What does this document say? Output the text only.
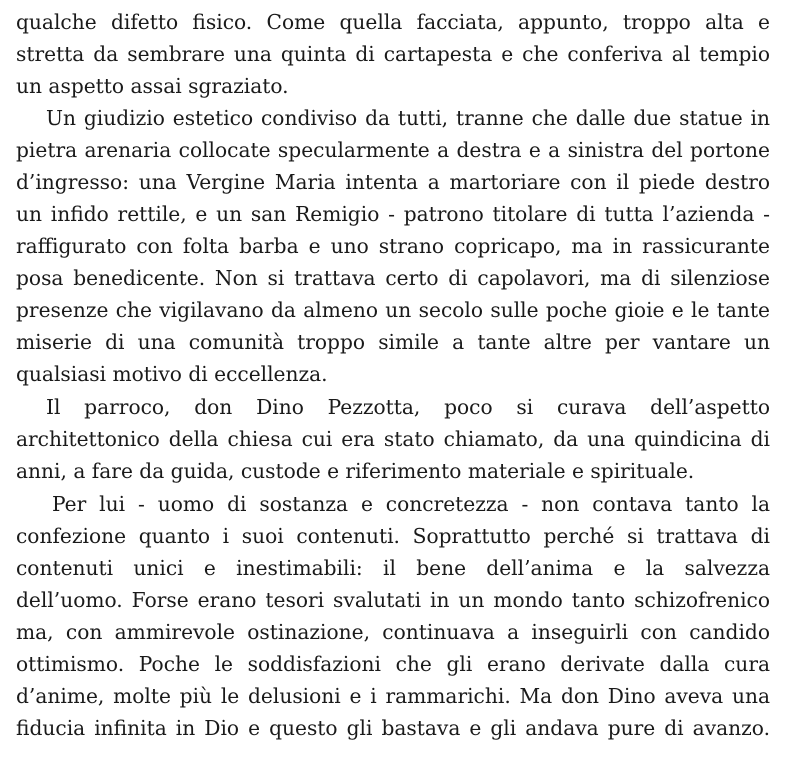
qualche difetto fisico. Come quella facciata, appunto, troppo alta e
stretta da sembrare una quinta di cartapesta e che conferiva al tempio
un aspetto assai sgraziato.
Un giudizio estetico condiviso da tutti, tranne che dalle due statue in
pietra arenaria collocate specularmente a destra e a sinistra del portone
d’ingresso: una Vergine Maria intenta a martoriare con il piede destro
un infido rettile, e un san Remigio - patrono titolare di tutta l’azienda -
raffigurato con folta barba e uno strano copricapo, ma in rassicurante
posa benedicente. Non si trattava certo di capolavori, ma di silenziose
presenze che vigilavano da almeno un secolo sulle poche gioie e le tante
miserie di una comunità troppo simile a tante altre per vantare un
qualsiasi motivo di eccellenza.
Il parroco, don Dino Pezzotta, poco si curava dell’aspetto
architettonico della chiesa cui era stato chiamato, da una quindicina di
anni, a fare da guida, custode e riferimento materiale e spirituale.
Per lui - uomo di sostanza e concretezza - non contava tanto la
confezione quanto i suoi contenuti. Soprattutto perché si trattava di
contenuti unici e inestimabili: il bene dell’anima e la salvezza
dell’uomo. Forse erano tesori svalutati in un mondo tanto schizofrenico
ma, con ammirevole ostinazione, continuava a inseguirli con candido
ottimismo. Poche le soddisfazioni che gli erano derivate dalla cura
d’anime, molte più le delusioni e i rammarichi. Ma don Dino aveva una
fiducia infinita in Dio e questo gli bastava e gli andava pure di avanzo.
